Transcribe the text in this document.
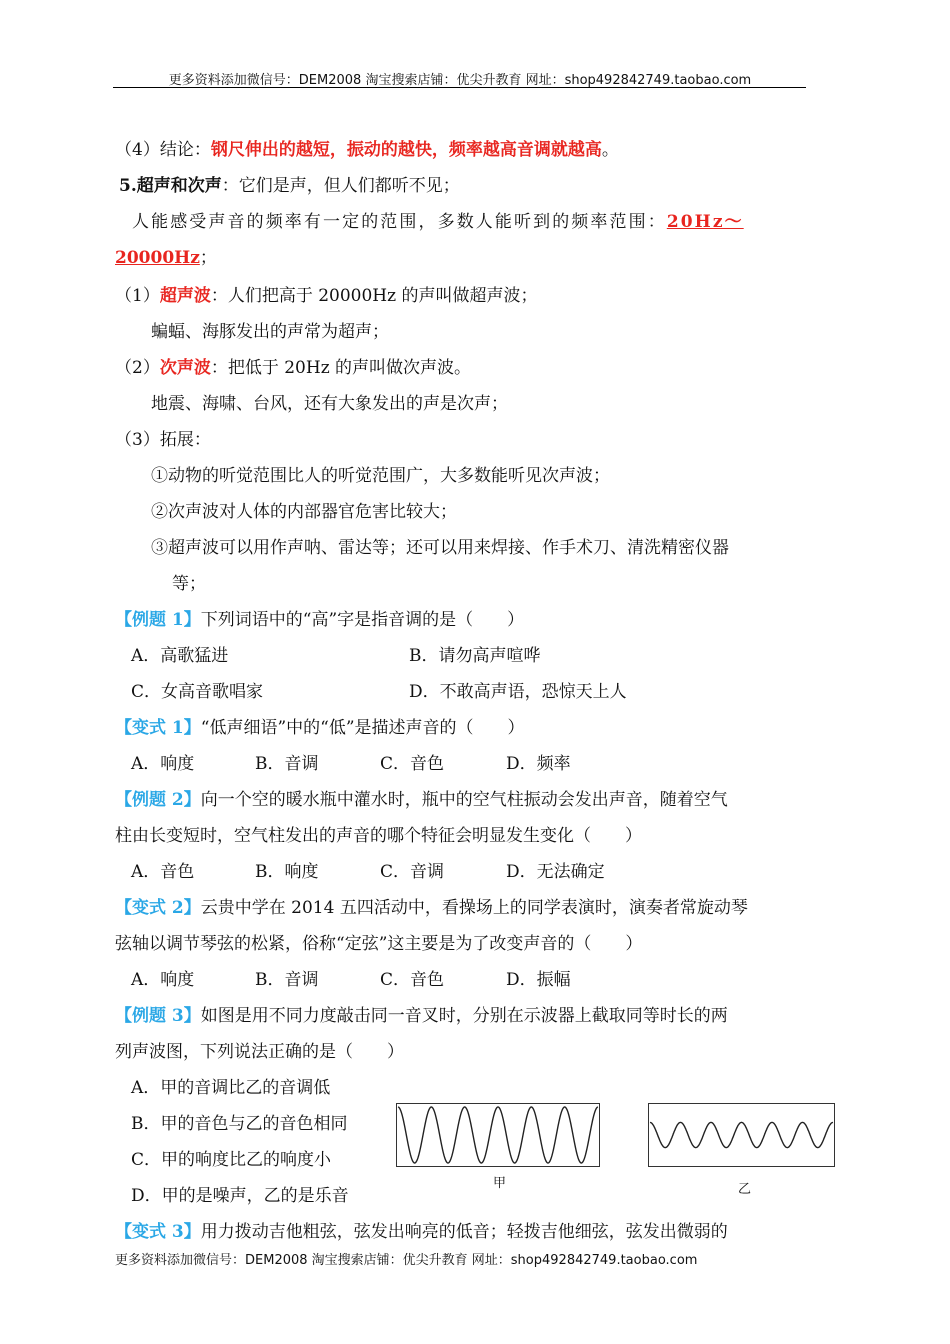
更多资料添加微信号：DEM2008 淘宝搜索店铺：优尖升教育 网址：shop492842749.taobao.com
（4）结论：钢尺伸出的越短，振动的越快，频率越高音调就越高。
5.超声和次声：它们是声，但人们都听不见；
人能感受声音的频率有一定的范围，多数人能听到的频率范围：20Hz～
20000Hz；
（1）超声波：人们把高于 20000Hz 的声叫做超声波；
蝙蝠、海豚发出的声常为超声；
（2）次声波：把低于 20Hz 的声叫做次声波。
地震、海啸、台风，还有大象发出的声是次声；
（3）拓展：
①动物的听觉范围比人的听觉范围广，大多数能听见次声波；
②次声波对人体的内部器官危害比较大；
③超声波可以用作声呐、雷达等；还可以用来焊接、作手术刀、清洗精密仪器
等；
【例题 1】下列词语中的“高”字是指音调的是（　　）
A．高歌猛进	B．请勿高声喧哗
C．女高音歌唱家	D．不敢高声语，恐惊天上人
【变式 1】“低声细语”中的“低”是描述声音的（　　）
A．响度	B．音调	C．音色	D．频率
【例题 2】向一个空的暖水瓶中灌水时，瓶中的空气柱振动会发出声音，随着空气
柱由长变短时，空气柱发出的声音的哪个特征会明显发生变化（　　）
A．音色	B．响度	C．音调	D．无法确定
【变式 2】云贵中学在 2014 五四活动中，看操场上的同学表演时，演奏者常旋动琴
弦轴以调节琴弦的松紧，俗称“定弦”这主要是为了改变声音的（　　）
A．响度	B．音调	C．音色	D．振幅
【例题 3】如图是用不同力度敲击同一音叉时，分别在示波器上截取同等时长的两
列声波图，下列说法正确的是（　　）
A．甲的音调比乙的音调低
B．甲的音色与乙的音色相同
C．甲的响度比乙的响度小
D．甲的是噪声，乙的是乐音
甲	乙
【变式 3】用力拨动吉他粗弦，弦发出响亮的低音；轻拨吉他细弦，弦发出微弱的
更多资料添加微信号：DEM2008 淘宝搜索店铺：优尖升教育 网址：shop492842749.taobao.com
